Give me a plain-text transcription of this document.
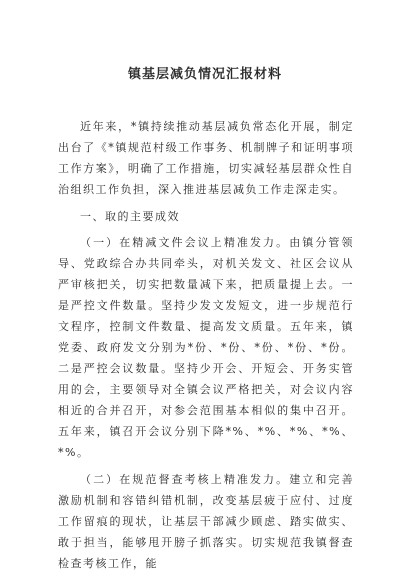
镇基层减负情况汇报材料

近年来，*镇持续推动基层减负常态化开展，制定出台了《*镇规范村级工作事务、机制牌子和证明事项工作方案》，明确了工作措施，切实减轻基层群众性自治组织工作负担，深入推进基层减负工作走深走实。

一、取的主要成效

（一）在精减文件会议上精准发力。由镇分管领导、党政综合办共同牵头，对机关发文、社区会议从严审核把关，切实把数量减下来，把质量提上去。一是严控文件数量。坚持少发文发短文，进一步规范行文程序，控制文件数量、提高发文质量。五年来，镇党委、政府发文分别为*份、*份、*份、*份、*份。二是严控会议数量。坚持少开会、开短会、开务实管用的会，主要领导对全镇会议严格把关，对会议内容相近的合并召开，对参会范围基本相似的集中召开。五年来，镇召开会议分别下降*%、*%、*%、*%、*%。

（二）在规范督查考核上精准发力。建立和完善激励机制和容错纠错机制，改变基层疲于应付、过度工作留痕的现状，让基层干部减少顾虑、踏实做实、敢于担当，能够甩开膀子抓落实。切实规范我镇督查检查考核工作，能
